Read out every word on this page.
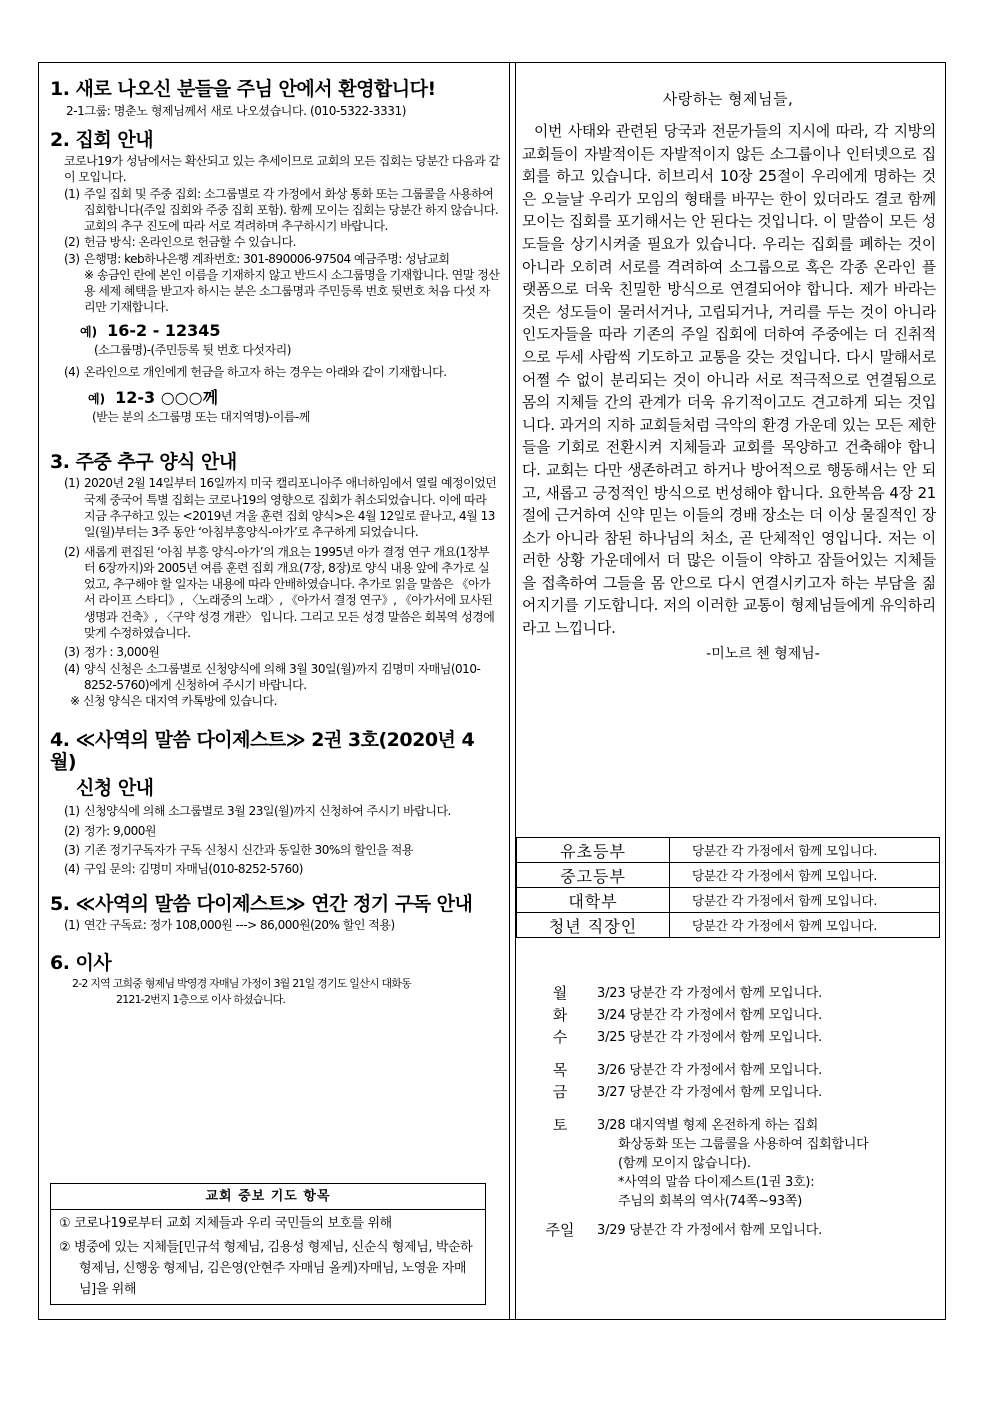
1. 새로 나오신 분들을 주님 안에서 환영합니다!

2-1그룹: 명춘노 형제님께서 새로 나오셨습니다. (010-5322-3331)

2. 집회 안내

코로나19가 성남에서는 확산되고 있는 추세이므로 교회의 모든 집회는 당분간 다음과 같이 모입니다.

(1) 주일 집회 및 주중 집회: 소그룹별로 각 가정에서 화상 통화 또는 그룹콜을 사용하여 집회합니다(주일 집회와 주중 집회 포함). 함께 모이는 집회는 당분간 하지 않습니다. 교회의 추구 진도에 따라 서로 격려하며 추구하시기 바랍니다.

(2) 헌금 방식: 온라인으로 헌금할 수 있습니다.

(3) 은행명: keb하나은행 계좌번호: 301-890006-97504 예금주명: 성남교회

※ 송금인 란에 본인 이름을 기재하지 않고 반드시 소그룹명을 기재합니다. 연말 정산용 세제 혜택을 받고자 하시는 분은 소그룹명과 주민등록 번호 뒷번호 처음 다섯 자리만 기재합니다.

예) 16-2 - 12345

(소그룹명)-(주민등록 뒷 번호 다섯자리)

(4) 온라인으로 개인에게 헌금을 하고자 하는 경우는 아래와 같이 기재합니다.

예) 12-3 ○○○께

(받는 분의 소그룹명 또는 대지역명)-이름-께

3. 주중 추구 양식 안내

(1) 2020년 2월 14일부터 16일까지 미국 캘리포니아주 애너하임에서 열릴 예정이었던 국제 중국어 특별 집회는 코로나19의 영향으로 집회가 취소되었습니다. 이에 따라 지금 추구하고 있는 <2019년 겨울 훈련 집회 양식>은 4월 12일로 끝나고, 4월 13일(월)부터는 3주 동안 ‘아침부흥양식-아가’로 추구하게 되었습니다.

(2) 새롭게 편집된 ‘아침 부흥 양식-아가’의 개요는 1995년 아가 결정 연구 개요(1장부터 6장까지)와 2005년 여름 훈련 집회 개요(7장, 8장)로 양식 내용 앞에 추가로 실었고, 추구해야 할 일자는 내용에 따라 안배하였습니다. 추가로 읽을 말씀은 《아가서 라이프 스타디》, 〈노래중의 노래〉, 《아가서 결정 연구》, 《아가서에 묘사된 생명과 건축》, 〈구약 성경 개관〉 입니다. 그리고 모든 성경 말씀은 회복역 성경에 맞게 수정하였습니다.

(3) 정가 : 3,000원

(4) 양식 신청은 소그룹별로 신청양식에 의해 3월 30일(월)까지 김명미 자매님(010-8252-5760)에게 신청하여 주시기 바랍니다.

※ 신청 양식은 대지역 카톡방에 있습니다.

4. ≪사역의 말씀 다이제스트≫ 2권 3호(2020년 4월)

신청 안내

(1) 신청양식에 의해 소그룹별로 3월 23일(월)까지 신청하여 주시기 바랍니다.

(2) 정가: 9,000원

(3) 기존 정기구독자가 구독 신청시 신간과 동일한 30%의 할인을 적용

(4) 구입 문의: 김명미 자매님(010-8252-5760)

5. ≪사역의 말씀 다이제스트≫ 연간 정기 구독 안내

(1) 연간 구독료: 정가 108,000원 ---> 86,000원(20% 할인 적용)

6. 이사

2-2 지역 고희중 형제님 박영경 자매님 가정이 3월 21일 경기도 일산시 대화동

2121-2번지 1층으로 이사 하셨습니다.

교회 중보 기도 항목

① 코로나19로부터 교회 지체들과 우리 국민들의 보호를 위해

② 병중에 있는 지체들[민규석 형제님, 김용성 형제님, 신순식 형제님, 박순하 형제님, 신행웅 형제님, 김은영(안현주 자매님 올케)자매님, 노영윤 자매님]을 위해

사랑하는 형제님들,

이번 사태와 관련된 당국과 전문가들의 지시에 따라, 각 지방의 교회들이 자발적이든 자발적이지 않든 소그룹이나 인터넷으로 집회를 하고 있습니다. 히브리서 10장 25절이 우리에게 명하는 것은 오늘날 우리가 모임의 형태를 바꾸는 한이 있더라도 결코 함께 모이는 집회를 포기해서는 안 된다는 것입니다. 이 말씀이 모든 성도들을 상기시켜줄 필요가 있습니다. 우리는 집회를 폐하는 것이 아니라 오히려 서로를 격려하여 소그룹으로 혹은 각종 온라인 플랫폼으로 더욱 친밀한 방식으로 연결되어야 합니다. 제가 바라는 것은 성도들이 물러서거나, 고립되거나, 거리를 두는 것이 아니라 인도자들을 따라 기존의 주일 집회에 더하여 주중에는 더 진취적으로 두세 사람씩 기도하고 교통을 갖는 것입니다. 다시 말해서로 어쩔 수 없이 분리되는 것이 아니라 서로 적극적으로 연결됨으로 몸의 지체들 간의 관계가 더욱 유기적이고도 견고하게 되는 것입니다. 과거의 지하 교회들처럼 극악의 환경 가운데 있는 모든 제한들을 기회로 전환시켜 지체들과 교회를 목양하고 건축해야 합니다. 교회는 다만 생존하려고 하거나 방어적으로 행동해서는 안 되고, 새롭고 긍정적인 방식으로 번성해야 합니다. 요한복음 4장 21절에 근거하여 신약 믿는 이들의 경배 장소는 더 이상 물질적인 장소가 아니라 참된 하나님의 처소, 곧 단체적인 영입니다. 저는 이러한 상황 가운데에서 더 많은 이들이 약하고 잠들어있는 지체들을 접촉하여 그들을 몸 안으로 다시 연결시키고자 하는 부담을 짊어지기를 기도합니다. 저의 이러한 교통이 형제님들에게 유익하리라고 느낍니다.

-미노르 첸 형제님-

유초등부	당분간 각 가정에서 함께 모입니다.
중고등부	당분간 각 가정에서 함께 모입니다.
대학부	당분간 각 가정에서 함께 모입니다.
청년 직장인	당분간 각 가정에서 함께 모입니다.
월	3/23 당분간 각 가정에서 함께 모입니다.
화	3/24 당분간 각 가정에서 함께 모입니다.
수	3/25 당분간 각 가정에서 함께 모입니다.
목	3/26 당분간 각 가정에서 함께 모입니다.
금	3/27 당분간 각 가정에서 함께 모입니다.
토	3/28 대지역별 형제 온전하게 하는 집회
화상동화 또는 그룹콜을 사용하여 집회합니다(함께 모이지 않습니다).
*사역의 말씀 다이제스트(1권 3호):
주님의 회복의 역사(74쪽~93쪽)
주일	3/29 당분간 각 가정에서 함께 모입니다.
